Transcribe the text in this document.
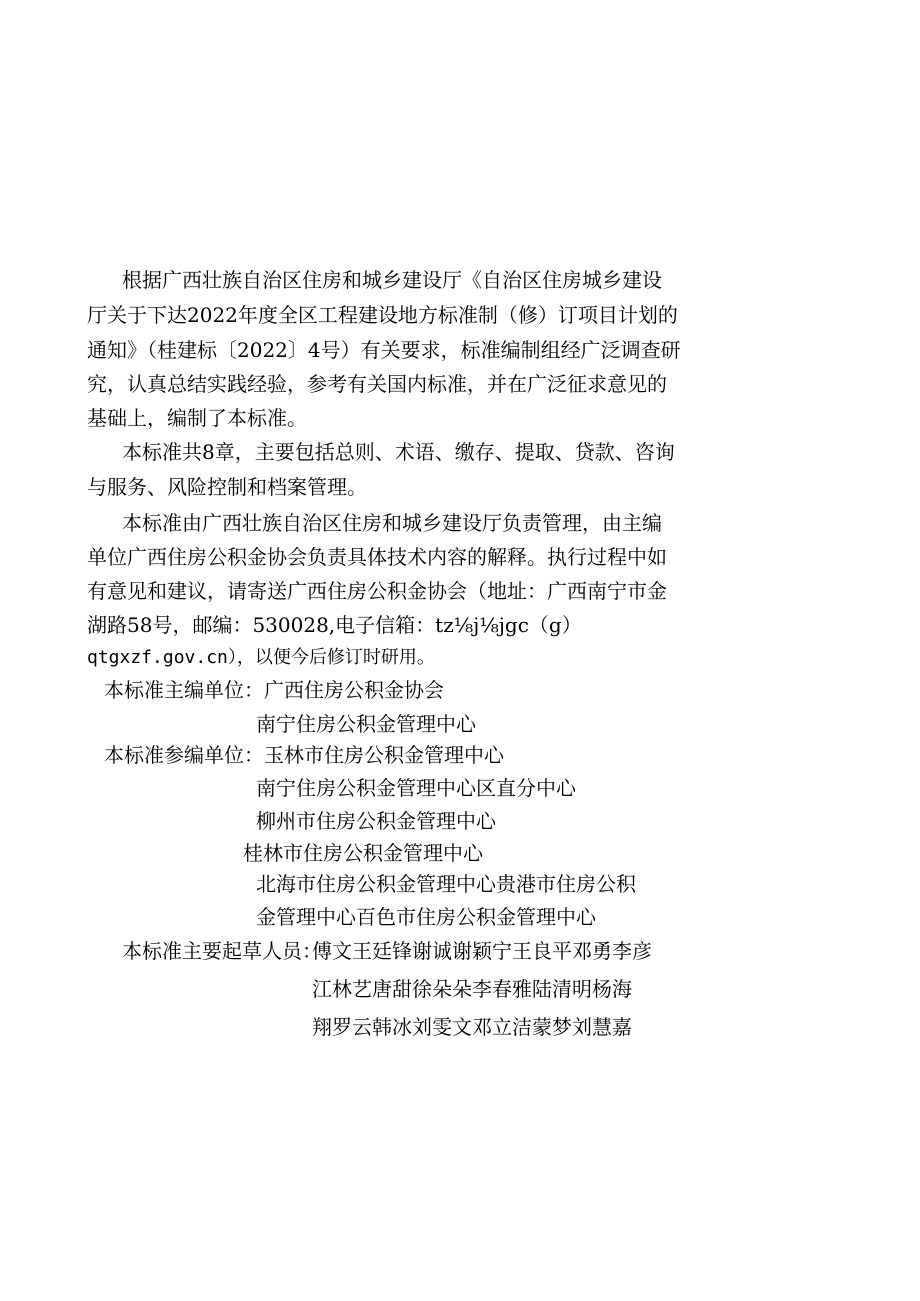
根据广西壮族自治区住房和城乡建设厅《自治区住房城乡建设
厅关于下达2022年度全区工程建设地方标准制（修）订项目计划的
通知》（桂建标〔2022〕4号）有关要求，标准编制组经广泛调查研
究，认真总结实践经验，参考有关国内标准，并在广泛征求意见的
基础上，编制了本标准。
本标准共8章，主要包括总则、术语、缴存、提取、贷款、咨询
与服务、风险控制和档案管理。
本标准由广西壮族自治区住房和城乡建设厅负责管理，由主编
单位广西住房公积金协会负责具体技术内容的解释。执行过程中如
有意见和建议，请寄送广西住房公积金协会（地址：广西南宁市金
湖路58号，邮编：530028,电子信箱：tz⅛j⅛jgc（g）
qtgxzf.gov.cn），以便今后修订时研用。
本标准主编单位： 广西住房公积金协会
南宁住房公积金管理中心
本标准参编单位： 玉林市住房公积金管理中心
南宁住房公积金管理中心区直分中心
柳州市住房公积金管理中心
桂林市住房公积金管理中心
北海市住房公积金管理中心贵港市住房公积
金管理中心百色市住房公积金管理中心
本标准主要起草人员：
傅文王廷锋谢诚谢颖宁王良平邓勇李彦
江林艺唐甜徐朵朵李春雅陆清明杨海
翔罗云韩冰刘雯文邓立洁蒙梦刘慧嘉
